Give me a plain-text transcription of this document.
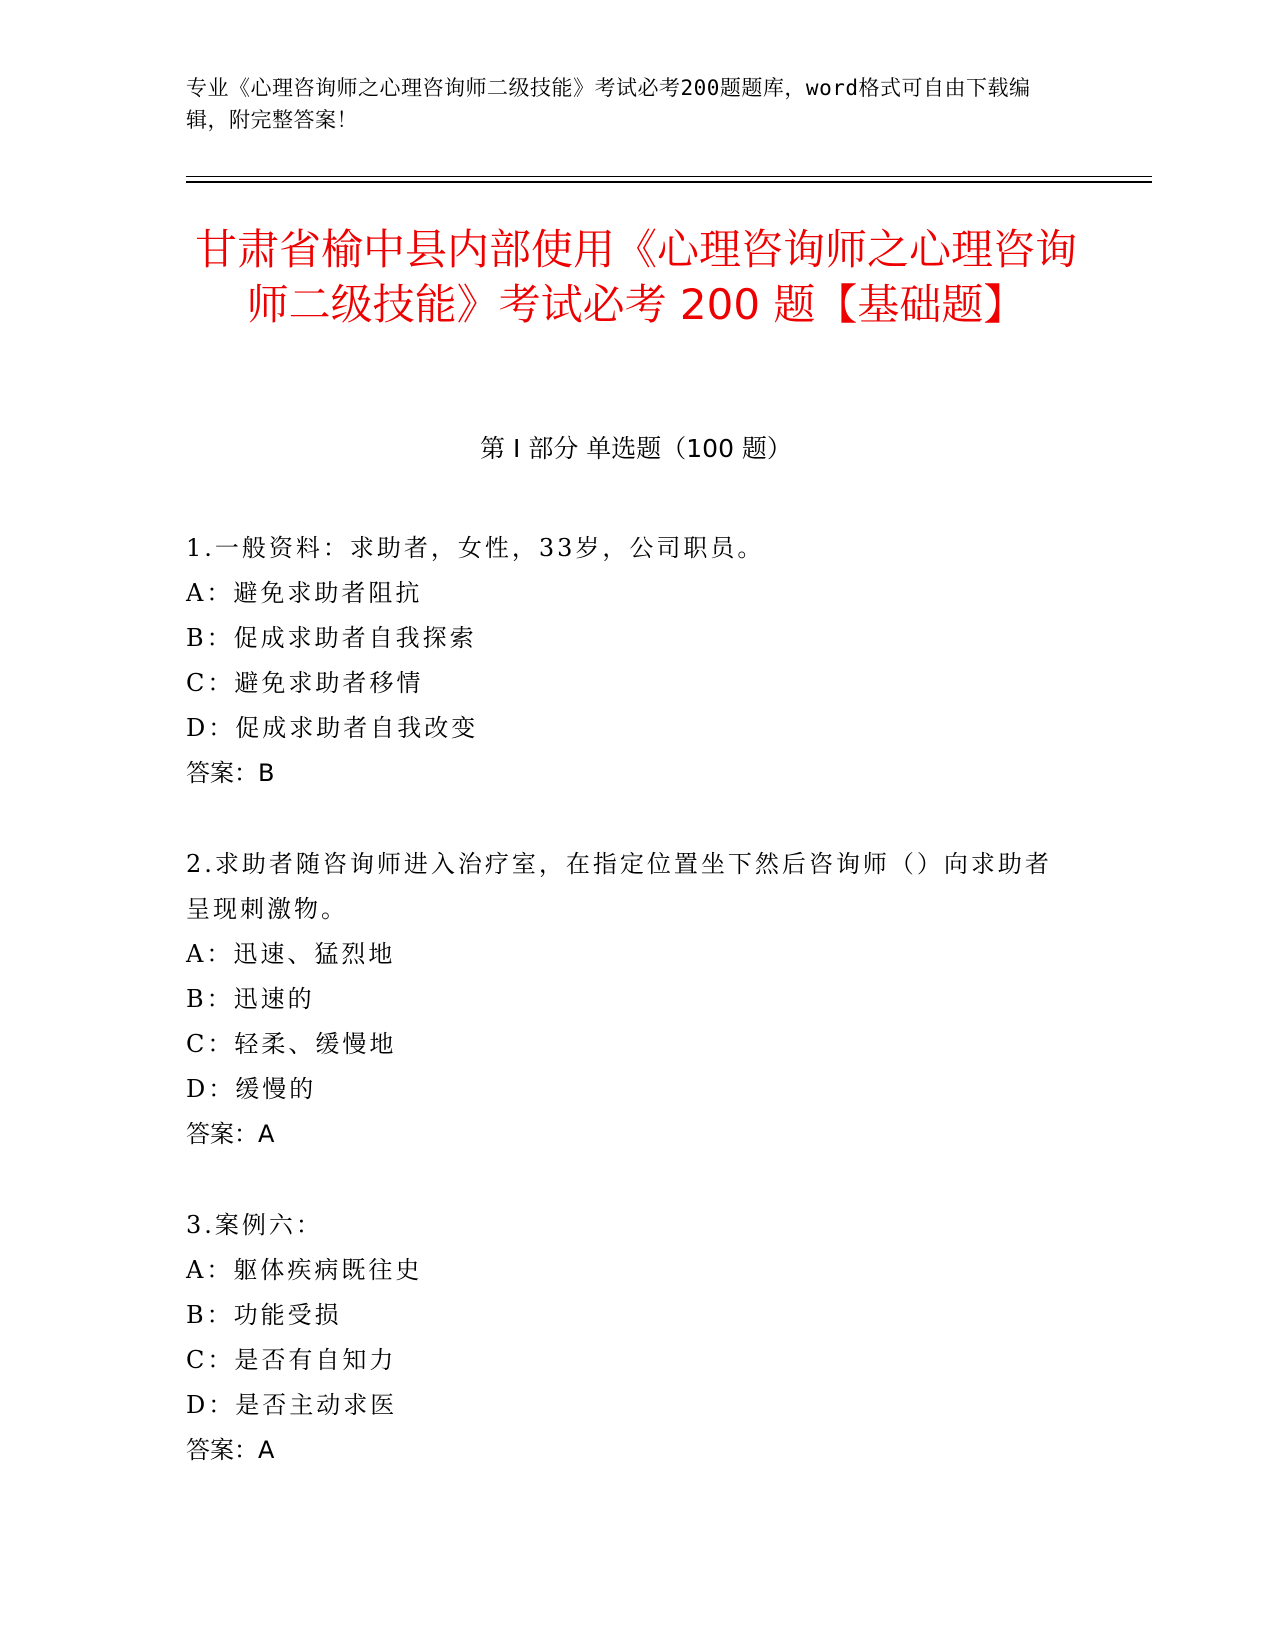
专业《心理咨询师之心理咨询师二级技能》考试必考200题题库，word格式可自由下载编辑，附完整答案！
甘肃省榆中县内部使用《心理咨询师之心理咨询师二级技能》考试必考 200 题【基础题】
第 I 部分 单选题（100 题）
1.一般资料：求助者，女性，33岁，公司职员。
A：避免求助者阻抗
B：促成求助者自我探索
C：避免求助者移情
D：促成求助者自我改变
答案：B
2.求助者随咨询师进入治疗室，在指定位置坐下然后咨询师（）向求助者呈现刺激物。
A：迅速、猛烈地
B：迅速的
C：轻柔、缓慢地
D：缓慢的
答案：A
3.案例六：
A：躯体疾病既往史
B：功能受损
C：是否有自知力
D：是否主动求医
答案：A
